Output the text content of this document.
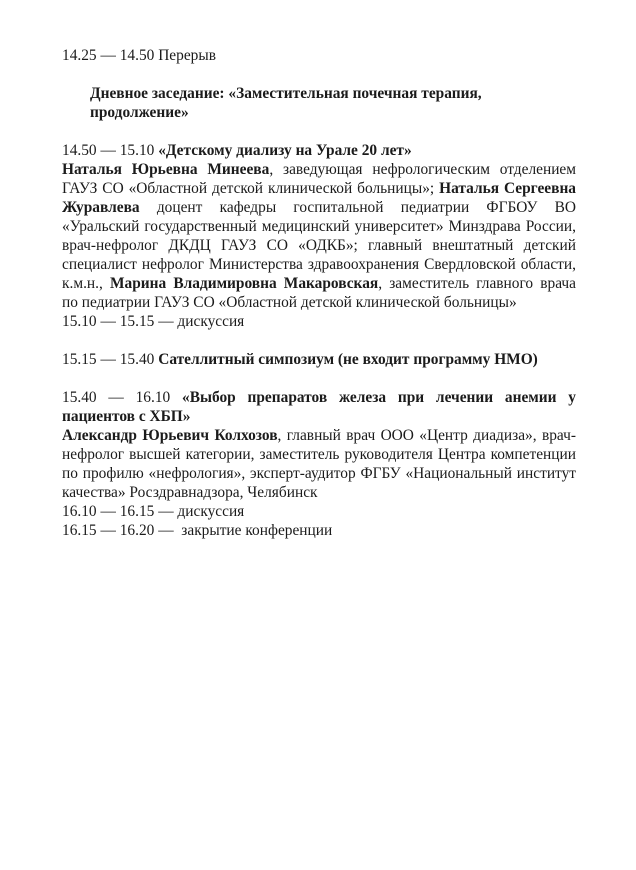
14.25 — 14.50 Перерыв

Дневное заседание: «Заместительная почечная терапия, продолжение»

14.50 — 15.10 «Детскому диализу на Урале 20 лет»

Наталья Юрьевна Минеева, заведующая нефрологическим отделением ГАУЗ СО «Областной детской клинической больницы»; Наталья Сергеевна Журавлева доцент кафедры госпитальной педиатрии ФГБОУ ВО «Уральский государственный медицинский университет» Минздрава России, врач-нефролог ДКДЦ ГАУЗ СО «ОДКБ»; главный внештатный детский специалист нефролог Министерства здравоохранения Свердловской области, к.м.н., Марина Владимировна Макаровская, заместитель главного врача по педиатрии ГАУЗ СО «Областной детской клинической больницы»

15.10 — 15.15 — дискуссия

15.15 — 15.40 Сателлитный симпозиум (не входит программу НМО)

15.40 — 16.10 «Выбор препаратов железа при лечении анемии у пациентов с ХБП»

Александр Юрьевич Колхозов, главный врач ООО «Центр диадиза», врач-нефролог высшей категории, заместитель руководителя Центра компетенции по профилю «нефрология», эксперт-аудитор ФГБУ «Национальный институт качества» Росздравнадзора, Челябинск

16.10 — 16.15 — дискуссия

16.15 — 16.20 —  закрытие конференции
